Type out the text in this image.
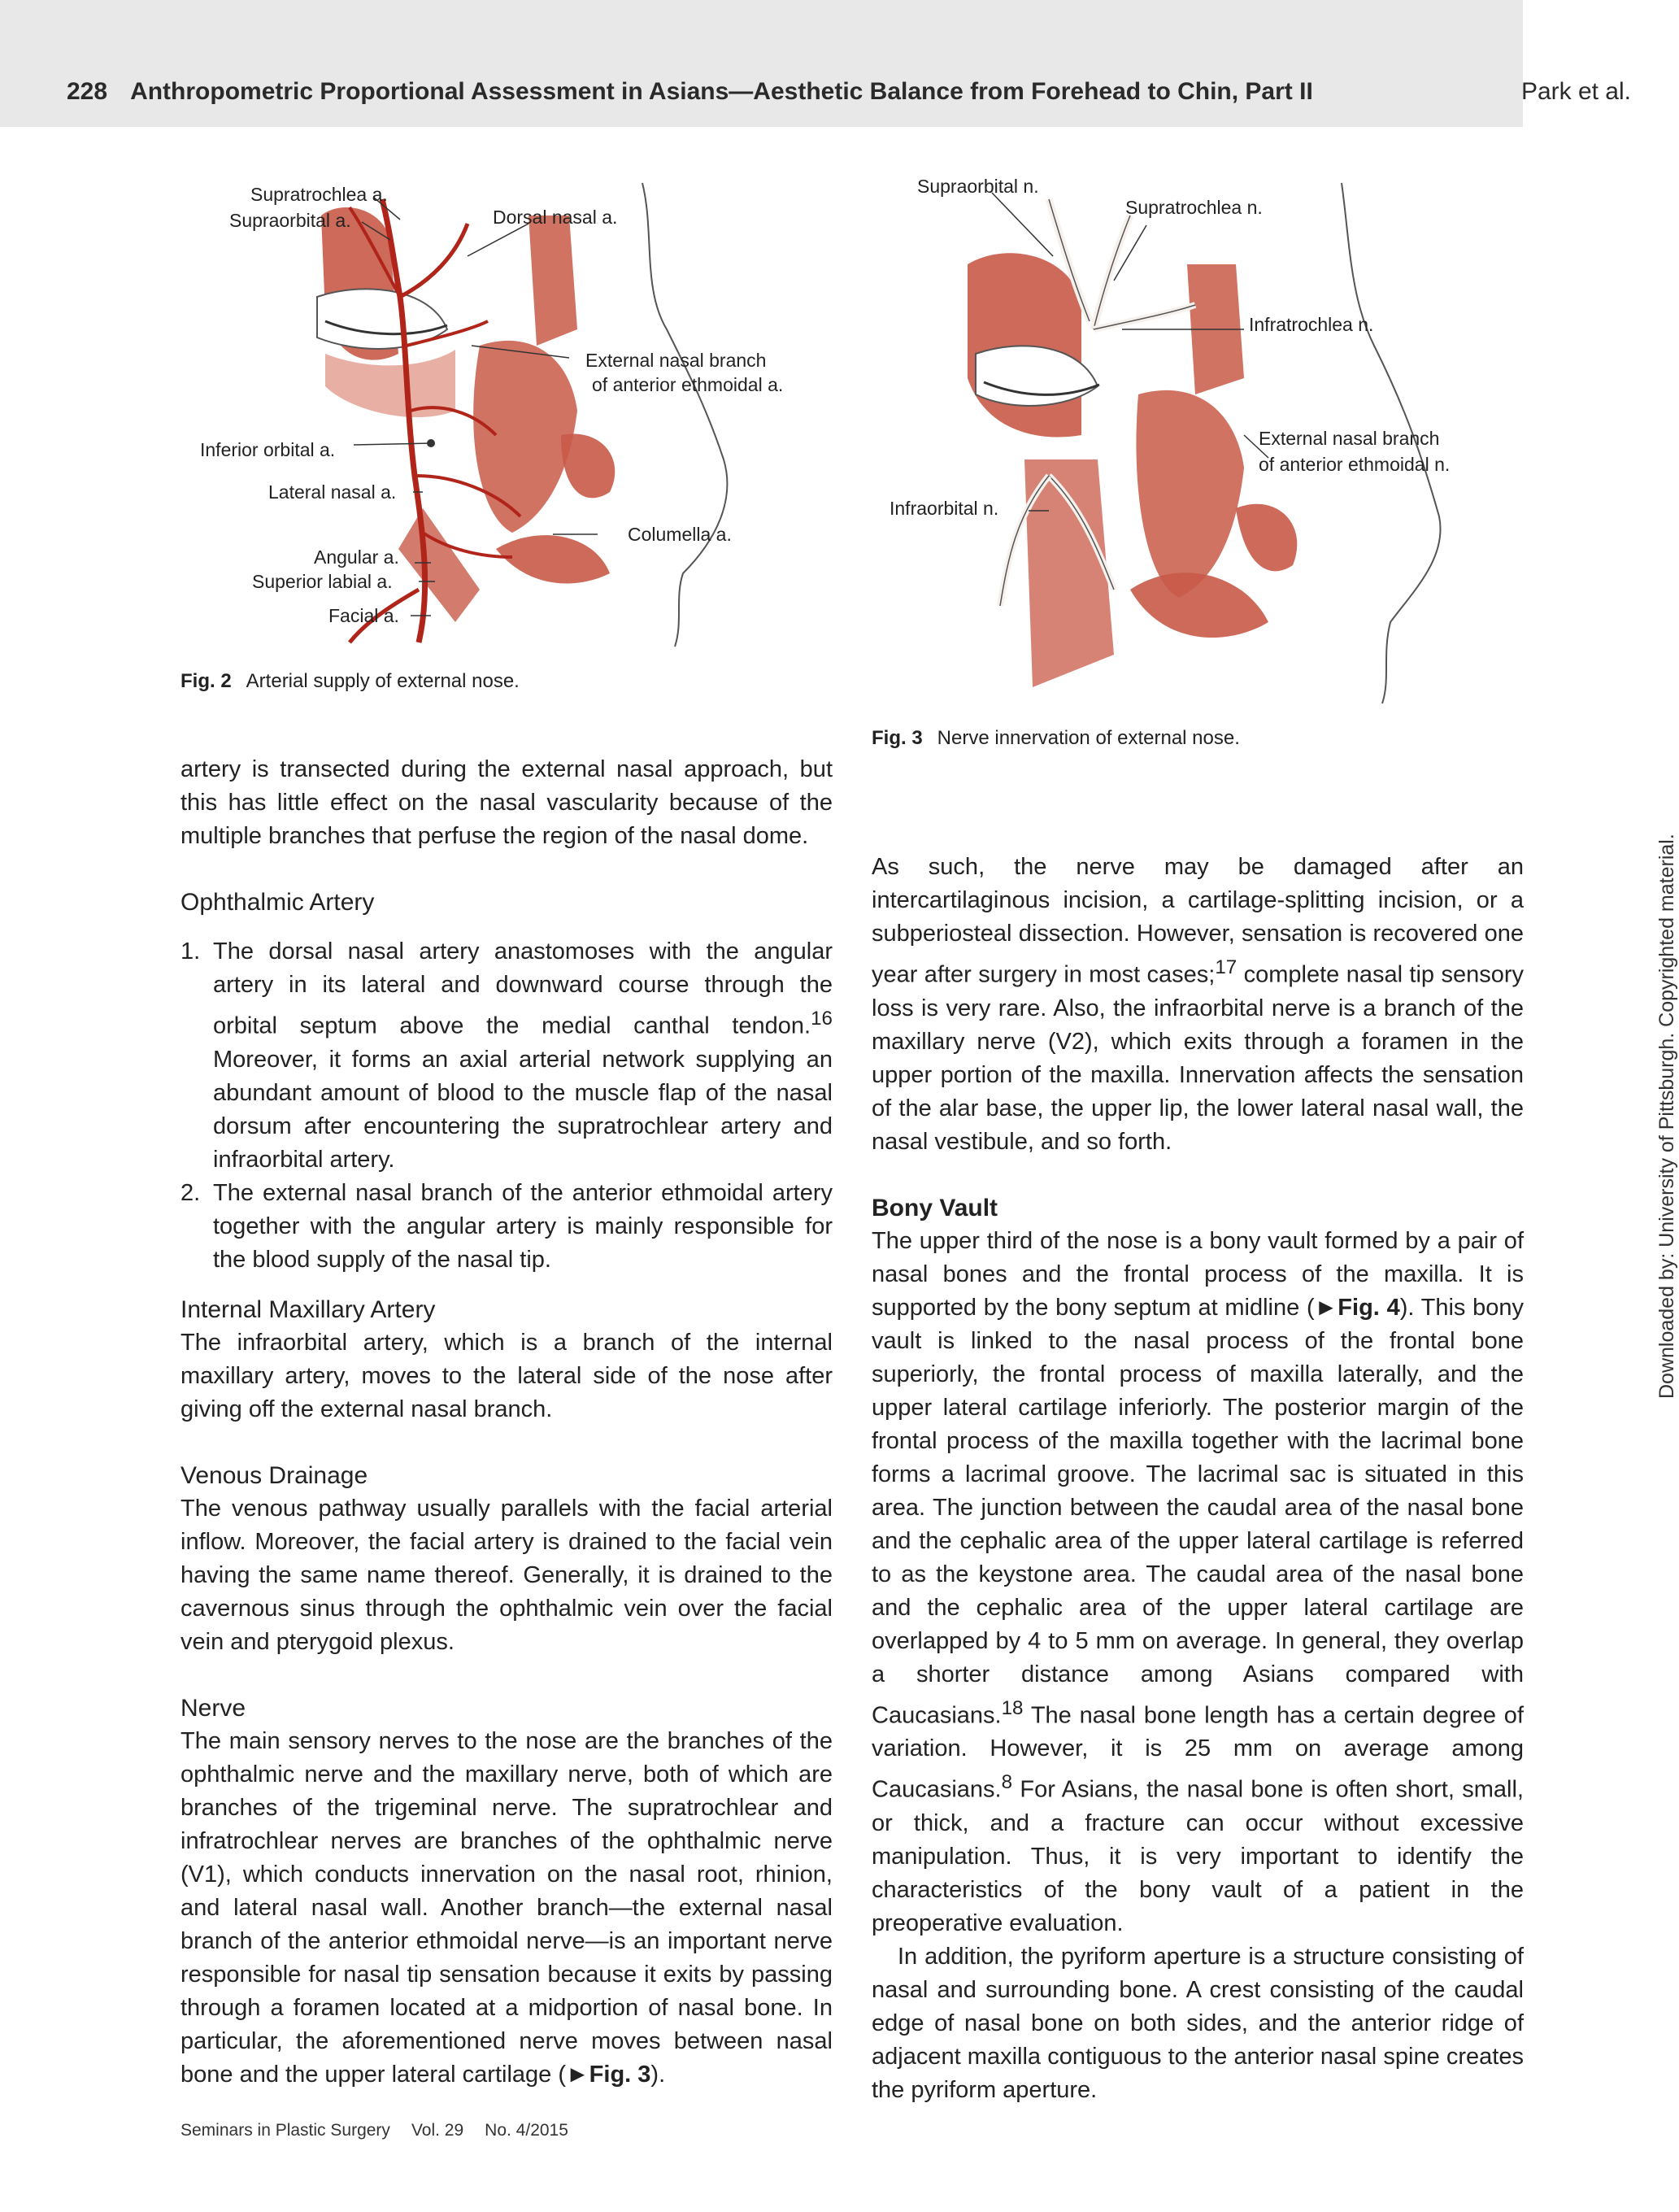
228 Anthropometric Proportional Assessment in Asians—Aesthetic Balance from Forehead to Chin, Part II	Park et al.
Supratrochlea a.
Supraorbital a.	Dorsal nasal a.
External nasal branch
of anterior ethmoidal a.
Inferior orbital a.
Lateral nasal a.
Columella a.
Angular a.
Superior labial a.
Facial a.
Fig. 2 Arterial supply of external nose.
Supraorbital n.
Supratrochlea n.
Infratrochlea n.
External nasal branch
of anterior ethmoidal n.
Infraorbital n.
Fig. 3 Nerve innervation of external nose.

artery is transected during the external nasal approach, but this has little effect on the nasal vascularity because of the multiple branches that perfuse the region of the nasal dome.

Ophthalmic Artery
1. The dorsal nasal artery anastomoses with the angular artery in its lateral and downward course through the orbital septum above the medial canthal tendon.$^{16}$ Moreover, it forms an axial arterial network supplying an abundant amount of blood to the muscle flap of the nasal dorsum after encountering the supratrochlear artery and infraorbital artery.
2. The external nasal branch of the anterior ethmoidal artery together with the angular artery is mainly responsible for the blood supply of the nasal tip.
Internal Maxillary Artery

The infraorbital artery, which is a branch of the internal maxillary artery, moves to the lateral side of the nose after giving off the external nasal branch.

Venous Drainage

The venous pathway usually parallels with the facial arterial inflow. Moreover, the facial artery is drained to the facial vein having the same name thereof. Generally, it is drained to the cavernous sinus through the ophthalmic vein over the facial vein and pterygoid plexus.

Nerve

The main sensory nerves to the nose are the branches of the ophthalmic nerve and the maxillary nerve, both of which are branches of the trigeminal nerve. The supratrochlear and infratrochlear nerves are branches of the ophthalmic nerve (V1), which conducts innervation on the nasal root, rhinion, and lateral nasal wall. Another branch—the external nasal branch of the anterior ethmoidal nerve—is an important nerve responsible for nasal tip sensation because it exits by passing through a foramen located at a midportion of nasal bone. In particular, the aforementioned nerve moves between nasal bone and the upper lateral cartilage (►Fig. 3).

As such, the nerve may be damaged after an intercartilaginous incision, a cartilage-splitting incision, or a subperiosteal dissection. However, sensation is recovered one year after surgery in most cases;$^{17}$ complete nasal tip sensory loss is very rare. Also, the infraorbital nerve is a branch of the maxillary nerve (V2), which exits through a foramen in the upper portion of the maxilla. Innervation affects the sensation of the alar base, the upper lip, the lower lateral nasal wall, the nasal vestibule, and so forth.

Bony Vault

The upper third of the nose is a bony vault formed by a pair of nasal bones and the frontal process of the maxilla. It is supported by the bony septum at midline (►Fig. 4). This bony vault is linked to the nasal process of the frontal bone superiorly, the frontal process of maxilla laterally, and the upper lateral cartilage inferiorly. The posterior margin of the frontal process of the maxilla together with the lacrimal bone forms a lacrimal groove. The lacrimal sac is situated in this area. The junction between the caudal area of the nasal bone and the cephalic area of the upper lateral cartilage is referred to as the keystone area. The caudal area of the nasal bone and the cephalic area of the upper lateral cartilage are overlapped by 4 to 5 mm on average. In general, they overlap a shorter distance among Asians compared with Caucasians.$^{18}$ The nasal bone length has a certain degree of variation. However, it is 25 mm on average among Caucasians.$^8$ For Asians, the nasal bone is often short, small, or thick, and a fracture can occur without excessive manipulation. Thus, it is very important to identify the characteristics of the bony vault of a patient in the preoperative evaluation.

In addition, the pyriform aperture is a structure consisting of nasal and surrounding bone. A crest consisting of the caudal edge of nasal bone on both sides, and the anterior ridge of adjacent maxilla contiguous to the anterior nasal spine creates the pyriform aperture.

Seminars in Plastic Surgery Vol. 29 No. 4/2015
Downloaded by: University of Pittsburgh. Copyrighted material.
